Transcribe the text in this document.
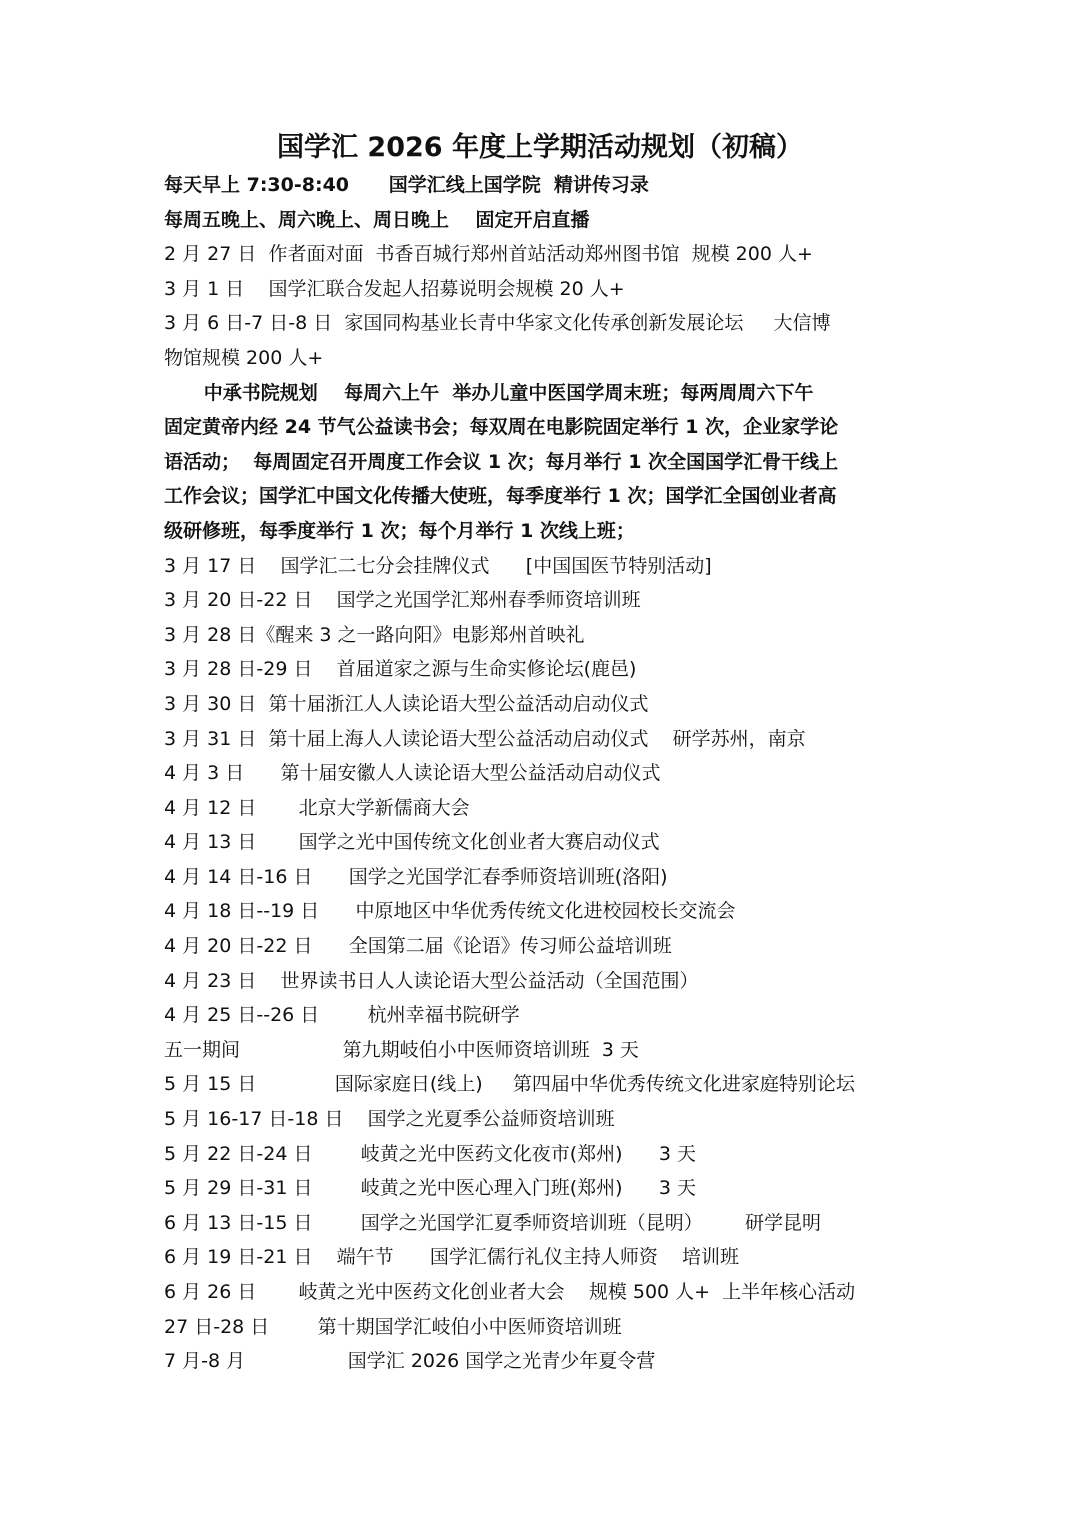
国学汇 2026 年度上学期活动规划（初稿）

每天早上 7:30-8:40      国学汇线上国学院  精讲传习录

每周五晚上、周六晚上、周日晚上    固定开启直播

2 月 27 日  作者面对面  书香百城行郑州首站活动郑州图书馆  规模 200 人+

3 月 1 日    国学汇联合发起人招募说明会规模 20 人+

3 月 6 日-7 日-8 日  家国同构基业长青中华家文化传承创新发展论坛     大信博

物馆规模 200 人+

中承书院规划    每周六上午  举办儿童中医国学周末班；每两周周六下午
固定黄帝内经 24 节气公益读书会；每双周在电影院固定举行 1 次，企业家学论
语活动；  每周固定召开周度工作会议 1 次；每月举行 1 次全国国学汇骨干线上
工作会议；国学汇中国文化传播大使班，每季度举行 1 次；国学汇全国创业者高
级研修班，每季度举行 1 次；每个月举行 1 次线上班；

3 月 17 日    国学汇二七分会挂牌仪式      [中国国医节特别活动]

3 月 20 日-22 日    国学之光国学汇郑州春季师资培训班

3 月 28 日《醒来 3 之一路向阳》电影郑州首映礼

3 月 28 日-29 日    首届道家之源与生命实修论坛(鹿邑)

3 月 30 日  第十届浙江人人读论语大型公益活动启动仪式

3 月 31 日  第十届上海人人读论语大型公益活动启动仪式    研学苏州，南京

4 月 3 日      第十届安徽人人读论语大型公益活动启动仪式

4 月 12 日       北京大学新儒商大会

4 月 13 日       国学之光中国传统文化创业者大赛启动仪式

4 月 14 日-16 日      国学之光国学汇春季师资培训班(洛阳)

4 月 18 日--19 日      中原地区中华优秀传统文化进校园校长交流会

4 月 20 日-22 日      全国第二届《论语》传习师公益培训班

4 月 23 日    世界读书日人人读论语大型公益活动（全国范围）

4 月 25 日--26 日        杭州幸福书院研学

五一期间                 第九期岐伯小中医师资培训班  3 天

5 月 15 日             国际家庭日(线上)     第四届中华优秀传统文化进家庭特别论坛

5 月 16-17 日-18 日    国学之光夏季公益师资培训班

5 月 22 日-24 日        岐黄之光中医药文化夜市(郑州)      3 天

5 月 29 日-31 日        岐黄之光中医心理入门班(郑州)      3 天

6 月 13 日-15 日        国学之光国学汇夏季师资培训班（昆明）       研学昆明

6 月 19 日-21 日    端午节      国学汇儒行礼仪主持人师资    培训班

6 月 26 日       岐黄之光中医药文化创业者大会    规模 500 人+  上半年核心活动

27 日-28 日        第十期国学汇岐伯小中医师资培训班

7 月-8 月                 国学汇 2026 国学之光青少年夏令营
